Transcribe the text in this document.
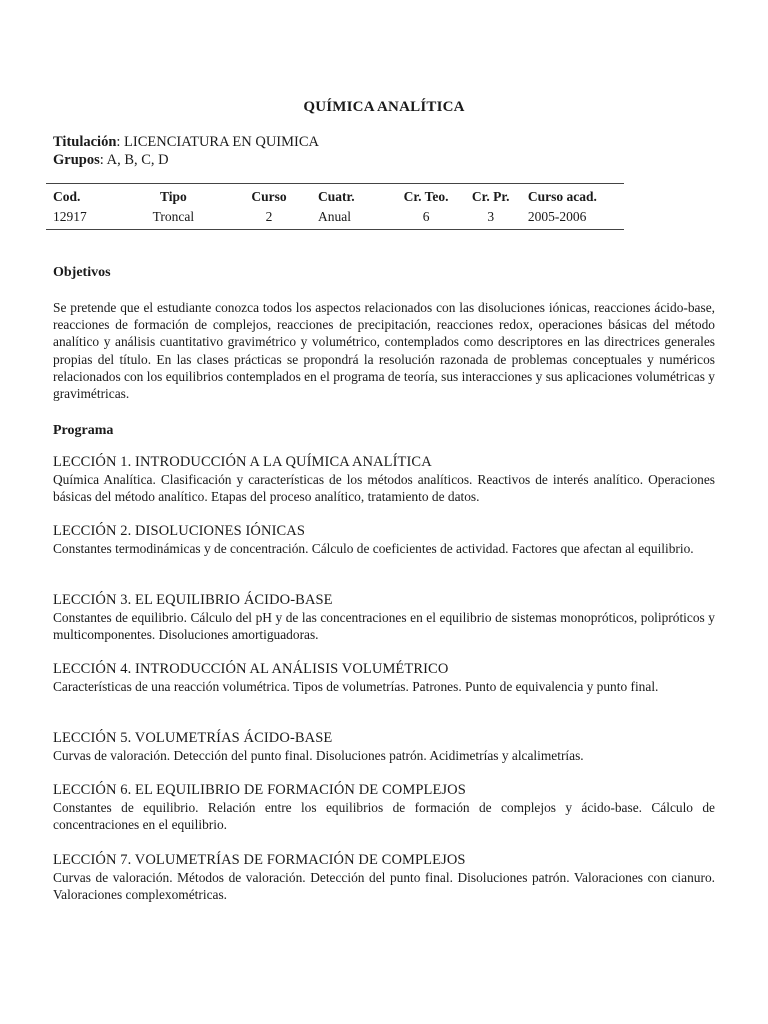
QUÍMICA ANALÍTICA
Titulación: LICENCIATURA EN QUIMICA
Grupos: A, B, C, D
Cod.	Tipo	Curso	Cuatr.	Cr. Teo.	Cr. Pr.	Curso acad.
12917	Troncal	2	Anual	6	3	2005-2006
Objetivos
Se pretende que el estudiante conozca todos los aspectos relacionados con las disoluciones iónicas, reacciones ácido-base, reacciones de formación de complejos, reacciones de precipitación, reacciones redox, operaciones básicas del método analítico y análisis cuantitativo gravimétrico y volumétrico, contemplados como descriptores en las directrices generales propias del título. En las clases prácticas se propondrá la resolución razonada de problemas conceptuales y numéricos relacionados con los equilibrios contemplados en el programa de teoría, sus interacciones y sus aplicaciones volumétricas y gravimétricas.
Programa
LECCIÓN 1. INTRODUCCIÓN A LA QUÍMICA ANALÍTICA
Química Analítica. Clasificación y características de los métodos analíticos. Reactivos de interés analítico. Operaciones básicas del método analítico. Etapas del proceso analítico, tratamiento de datos.
LECCIÓN 2. DISOLUCIONES IÓNICAS
Constantes termodinámicas y de concentración. Cálculo de coeficientes de actividad. Factores que afectan al equilibrio.
LECCIÓN 3. EL EQUILIBRIO ÁCIDO-BASE
Constantes de equilibrio. Cálculo del pH y de las concentraciones en el equilibrio de sistemas monopróticos, polipróticos y multicomponentes. Disoluciones amortiguadoras.
LECCIÓN 4. INTRODUCCIÓN AL ANÁLISIS VOLUMÉTRICO
Características de una reacción volumétrica. Tipos de volumetrías. Patrones. Punto de equivalencia y punto final.
LECCIÓN 5. VOLUMETRÍAS ÁCIDO-BASE
Curvas de valoración. Detección del punto final. Disoluciones patrón. Acidimetrías y alcalimetrías.
LECCIÓN 6. EL EQUILIBRIO DE FORMACIÓN DE COMPLEJOS
Constantes de equilibrio. Relación entre los equilibrios de formación de complejos y ácido-base. Cálculo de concentraciones en el equilibrio.
LECCIÓN 7. VOLUMETRÍAS DE FORMACIÓN DE COMPLEJOS
Curvas de valoración. Métodos de valoración. Detección del punto final. Disoluciones patrón. Valoraciones con cianuro. Valoraciones complexométricas.
